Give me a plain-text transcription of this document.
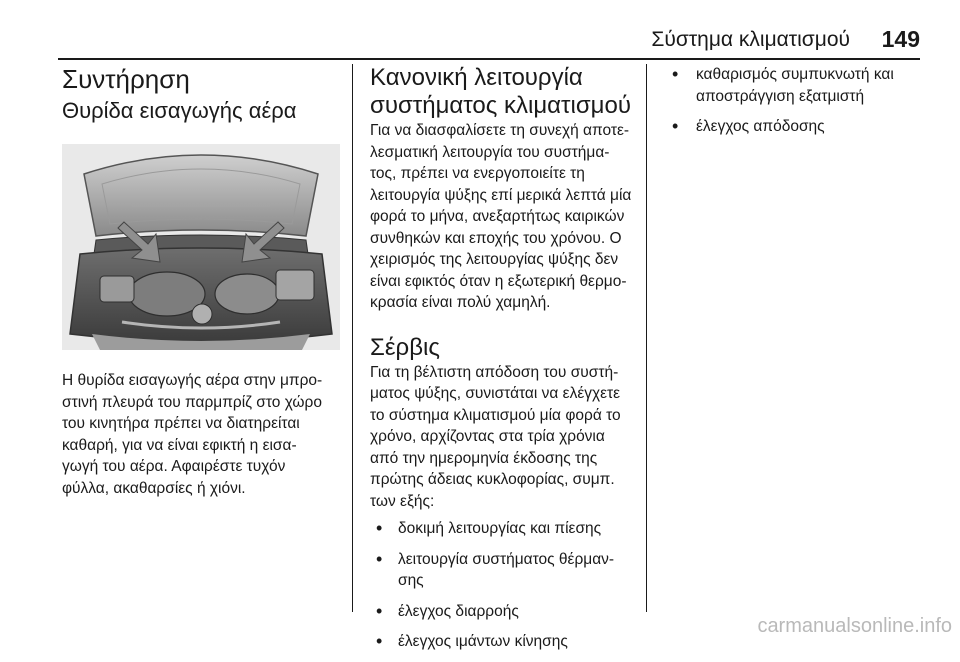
Σύστημα κλιματισμού 149
Συντήρηση
Θυρίδα εισαγωγής αέρα

Η θυρίδα εισαγωγής αέρα στην μπρο-
στινή πλευρά του παρμπρίζ στο χώρο
του κινητήρα πρέπει να διατηρείται
καθαρή, για να είναι εφικτή η εισα-
γωγή του αέρα. Αφαιρέστε τυχόν
φύλλα, ακαθαρσίες ή χιόνι.

Κανονική λειτουργία
συστήματος κλιματισμού

Για να διασφαλίσετε τη συνεχή αποτε-
λεσματική λειτουργία του συστήμα-
τος, πρέπει να ενεργοποιείτε τη
λειτουργία ψύξης επί μερικά λεπτά μία
φορά το μήνα, ανεξαρτήτως καιρικών
συνθηκών και εποχής του χρόνου. Ο
χειρισμός της λειτουργίας ψύξης δεν
είναι εφικτός όταν η εξωτερική θερμο-
κρασία είναι πολύ χαμηλή.

Σέρβις

Για τη βέλτιστη απόδοση του συστή-
ματος ψύξης, συνιστάται να ελέγχετε
το σύστημα κλιματισμού μία φορά το
χρόνο, αρχίζοντας στα τρία χρόνια
από την ημερομηνία έκδοσης της
πρώτης άδειας κυκλοφορίας, συμπ.
των εξής:

• δοκιμή λειτουργίας και πίεσης
• λειτουργία συστήματος θέρμαν-
σης
• έλεγχος διαρροής
• έλεγχος ιμάντων κίνησης
• καθαρισμός συμπυκνωτή και
αποστράγγιση εξατμιστή
• έλεγχος απόδοσης
carmanualsonline.info
